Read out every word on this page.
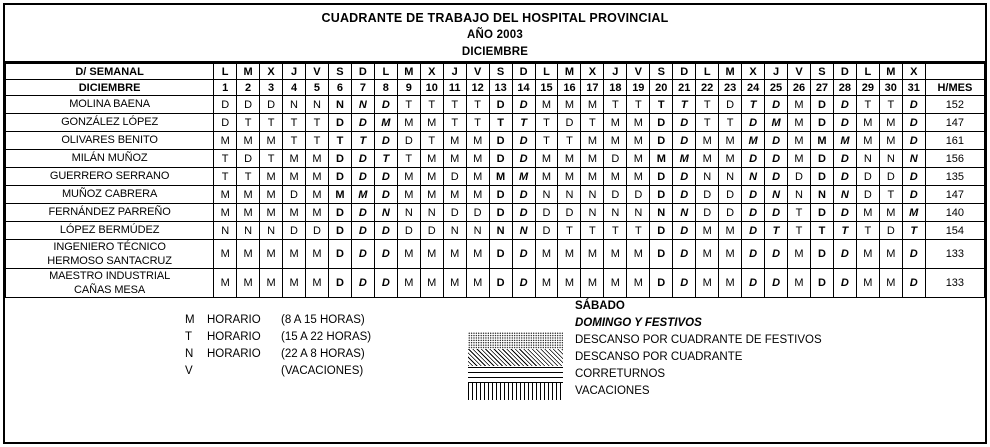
CUADRANTE DE TRABAJO DEL HOSPITAL PROVINCIAL
AÑO 2003
DICIEMBRE
D/ SEMANAL	L	M	X	J	V	S	D	L	M	X	J	V	S	D	L	M	X	J	V	S	D	L	M	X	J	V	S	D	L	M	X	
DICIEMBRE	1	2	3	4	5	6	7	8	9	10	11	12	13	14	15	16	17	18	19	20	21	22	23	24	25	26	27	28	29	30	31	H/MES

MOLINA BAENA	D	D	D	N	N	N	N	D	T	T	T	T	D	D	M	M	M	T	T	T	T	T	D	T	D	M	D	D	T	T	D	152

GONZÁLEZ LÓPEZ	D	T	T	T	T	D	D	M	M	M	T	T	T	T	T	D	T	M	M	D	D	T	T	D	M	M	D	D	M	M	D	147

OLIVARES BENITO	M	M	M	T	T	T	T	D	D	T	M	M	D	D	T	T	M	M	M	D	D	M	M	M	D	M	M	M	M	M	D	161

MILÁN MUÑOZ	T	D	T	M	M	D	D	T	T	M	M	M	D	D	M	M	M	D	M	M	M	M	M	D	D	M	D	D	N	N	N	156

GUERRERO SERRANO	T	T	M	M	M	D	D	D	M	M	D	M	M	M	M	M	M	M	M	D	D	N	N	N	D	D	D	D	D	D	D	135

MUÑOZ CABRERA	M	M	M	D	M	M	M	D	M	M	M	M	D	D	N	N	N	D	D	D	D	D	D	D	N	N	N	N	D	T	D	147

FERNÁNDEZ PARREÑO	M	M	M	M	M	D	D	N	N	N	D	D	D	D	D	D	N	N	N	N	N	D	D	D	D	T	D	D	M	M	M	140

LÓPEZ BERMÚDEZ	N	N	N	D	D	D	D	D	D	D	N	N	N	N	D	T	T	T	T	D	D	M	M	D	T	T	T	T	T	D	T	154

INGENIERO TÉCNICO
HERMOSO SANTACRUZ	M	M	M	M	M	D	D	D	M	M	M	M	D	D	M	M	M	M	M	D	D	M	M	D	D	M	D	D	M	M	D	133

MAESTRO INDUSTRIAL
CAÑAS MESA	M	M	M	M	M	D	D	D	M	M	M	M	D	D	M	M	M	M	M	D	D	M	M	D	D	M	D	D	M	M	D	133
M	HORARIO	(8 A 15 HORAS)
T	HORARIO	(15 A 22 HORAS)
N	HORARIO	(22 A 8 HORAS)
V		(VACACIONES)
SÁBADO
DOMINGO Y FESTIVOS
DESCANSO POR CUADRANTE DE FESTIVOS
DESCANSO POR CUADRANTE
CORRETURNOS
VACACIONES
